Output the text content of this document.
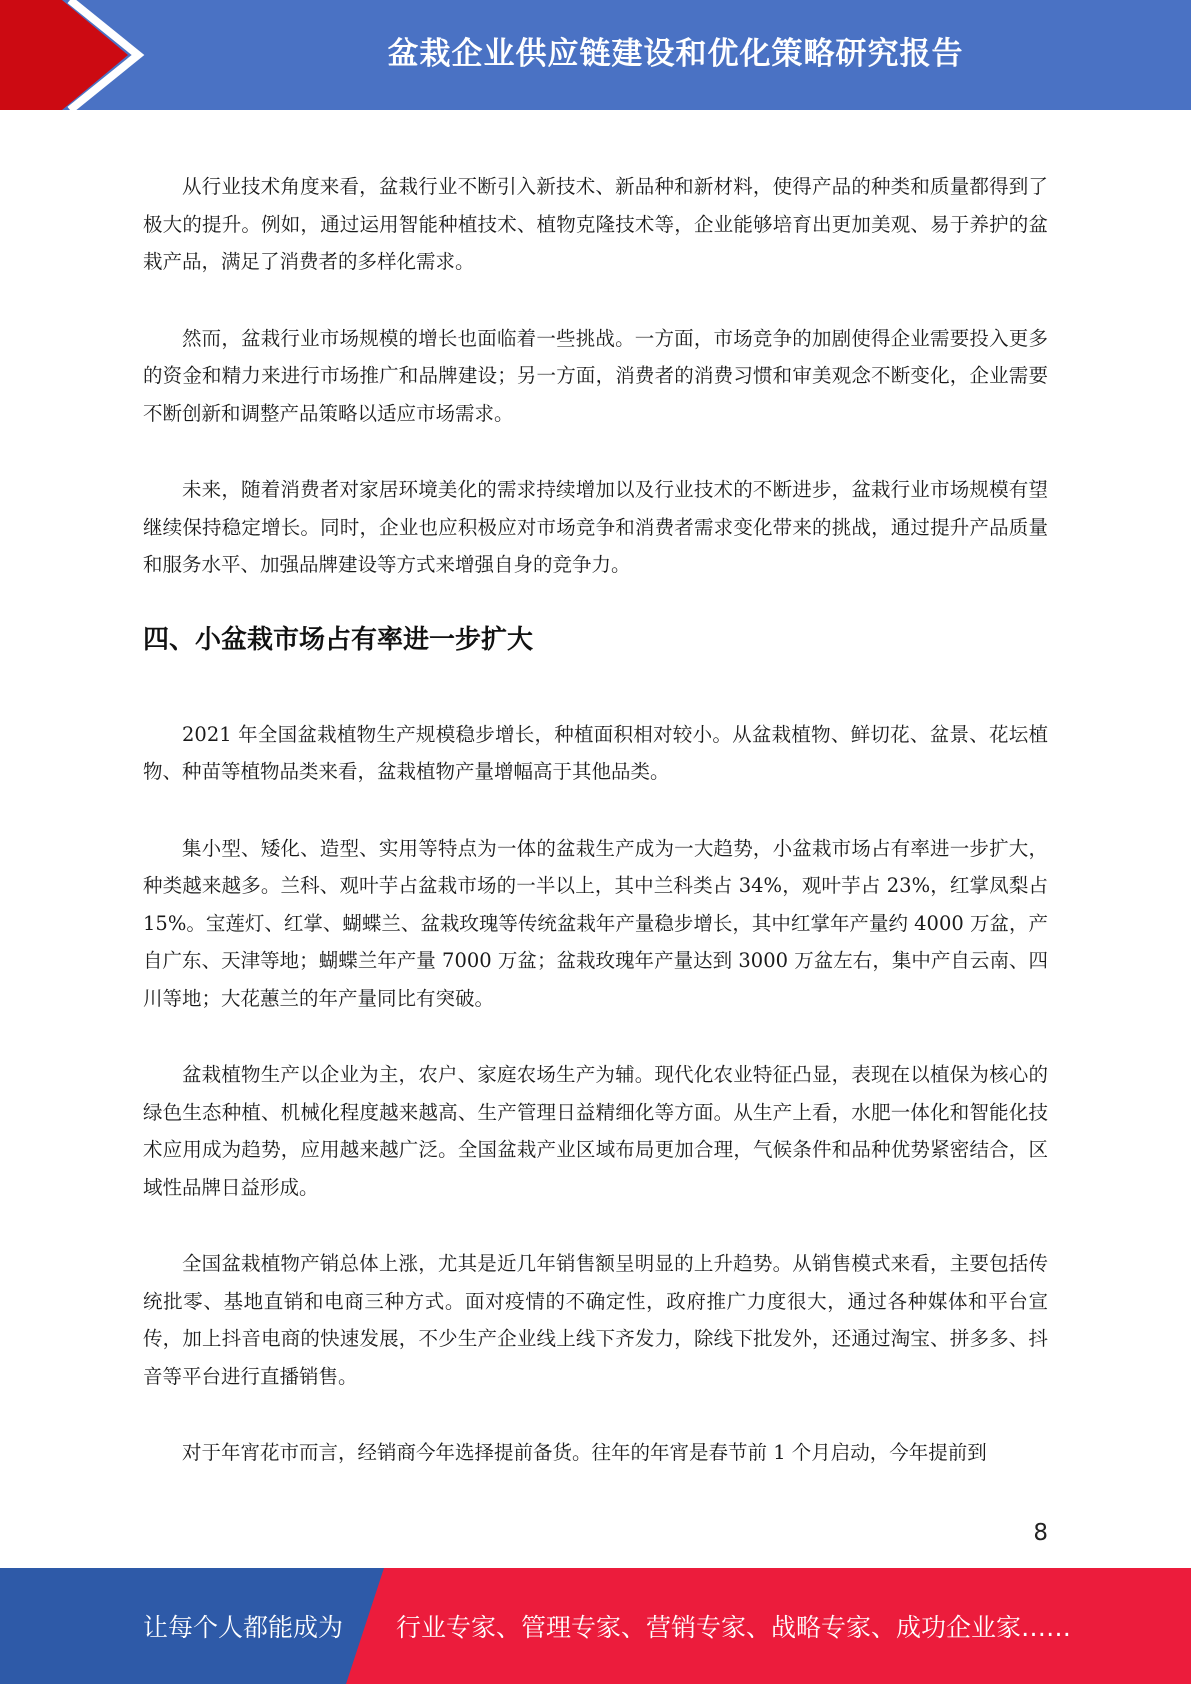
盆栽企业供应链建设和优化策略研究报告

从行业技术角度来看，盆栽行业不断引入新技术、新品种和新材料，使得产品的种类和质量都得到了极大的提升。例如，通过运用智能种植技术、植物克隆技术等，企业能够培育出更加美观、易于养护的盆栽产品，满足了消费者的多样化需求。

然而，盆栽行业市场规模的增长也面临着一些挑战。一方面，市场竞争的加剧使得企业需要投入更多的资金和精力来进行市场推广和品牌建设；另一方面，消费者的消费习惯和审美观念不断变化，企业需要不断创新和调整产品策略以适应市场需求。

未来，随着消费者对家居环境美化的需求持续增加以及行业技术的不断进步，盆栽行业市场规模有望继续保持稳定增长。同时，企业也应积极应对市场竞争和消费者需求变化带来的挑战，通过提升产品质量和服务水平、加强品牌建设等方式来增强自身的竞争力。

四、小盆栽市场占有率进一步扩大

2021 年全国盆栽植物生产规模稳步增长，种植面积相对较小。从盆栽植物、鲜切花、盆景、花坛植物、种苗等植物品类来看，盆栽植物产量增幅高于其他品类。

集小型、矮化、造型、实用等特点为一体的盆栽生产成为一大趋势，小盆栽市场占有率进一步扩大，种类越来越多。兰科、观叶芋占盆栽市场的一半以上，其中兰科类占 34%，观叶芋占 23%，红掌凤梨占 15%。宝莲灯、红掌、蝴蝶兰、盆栽玫瑰等传统盆栽年产量稳步增长，其中红掌年产量约 4000 万盆，产自广东、天津等地；蝴蝶兰年产量 7000 万盆；盆栽玫瑰年产量达到 3000 万盆左右，集中产自云南、四川等地；大花蕙兰的年产量同比有突破。

盆栽植物生产以企业为主，农户、家庭农场生产为辅。现代化农业特征凸显，表现在以植保为核心的绿色生态种植、机械化程度越来越高、生产管理日益精细化等方面。从生产上看，水肥一体化和智能化技术应用成为趋势，应用越来越广泛。全国盆栽产业区域布局更加合理，气候条件和品种优势紧密结合，区域性品牌日益形成。

全国盆栽植物产销总体上涨，尤其是近几年销售额呈明显的上升趋势。从销售模式来看，主要包括传统批零、基地直销和电商三种方式。面对疫情的不确定性，政府推广力度很大，通过各种媒体和平台宣传，加上抖音电商的快速发展，不少生产企业线上线下齐发力，除线下批发外，还通过淘宝、拼多多、抖音等平台进行直播销售。

对于年宵花市而言，经销商今年选择提前备货。往年的年宵是春节前 1 个月启动，今年提前到

8
让每个人都能成为 行业专家、管理专家、营销专家、战略专家、成功企业家……
